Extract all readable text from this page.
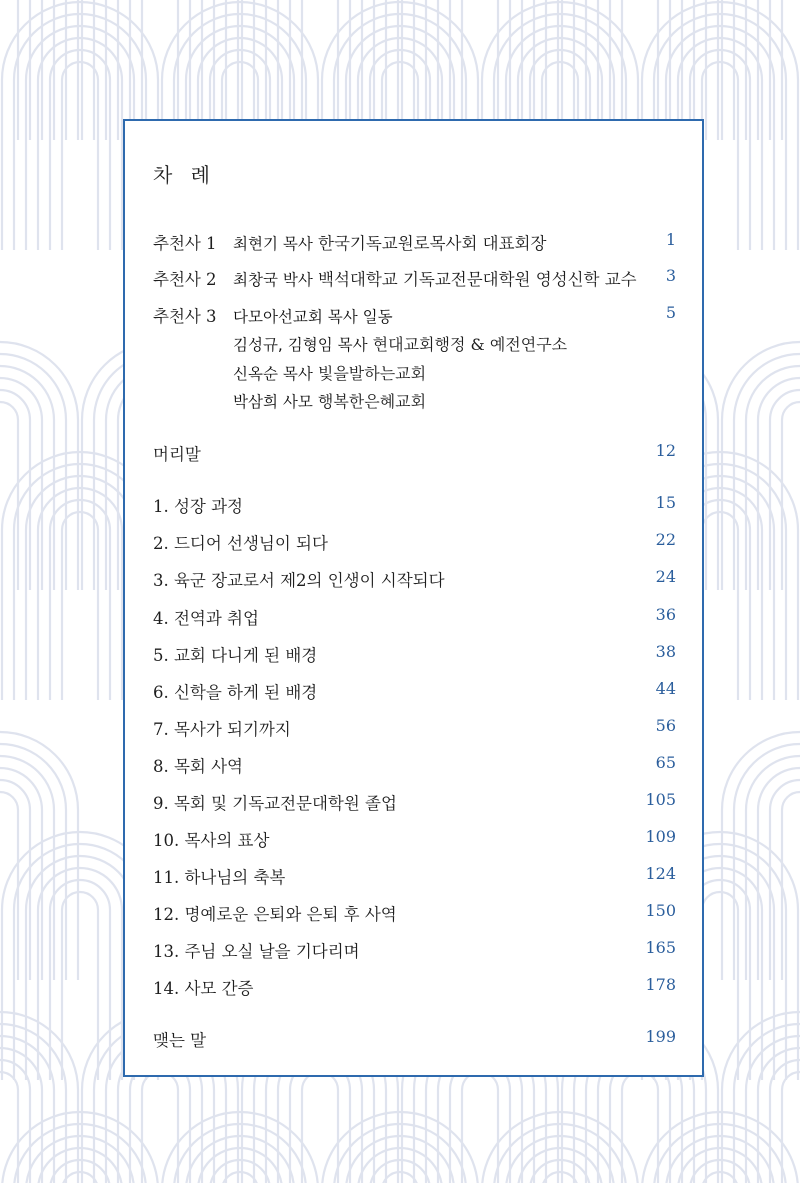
차 례
추천사 1 최현기 목사 한국기독교원로목사회 대표회장	1
추천사 2 최창국 박사 백석대학교 기독교전문대학원 영성신학 교수 3
추천사 3 다모아선교회 목사 일동	5
김성규, 김형임 목사 현대교회행정 & 예전연구소
신옥순 목사 빛을발하는교회
박삼희 사모 행복한은혜교회
머리말	12
1. 성장 과정	15
2. 드디어 선생님이 되다	22
3. 육군 장교로서 제2의 인생이 시작되다	24
4. 전역과 취업	36
5. 교회 다니게 된 배경	38
6. 신학을 하게 된 배경	44
7. 목사가 되기까지	56
8. 목회 사역	65
9. 목회 및 기독교전문대학원 졸업	105
10. 목사의 표상	109
11. 하나님의 축복	124
12. 명예로운 은퇴와 은퇴 후 사역	150
13. 주님 오실 날을 기다리며	165
14. 사모 간증	178
맺는 말	199
